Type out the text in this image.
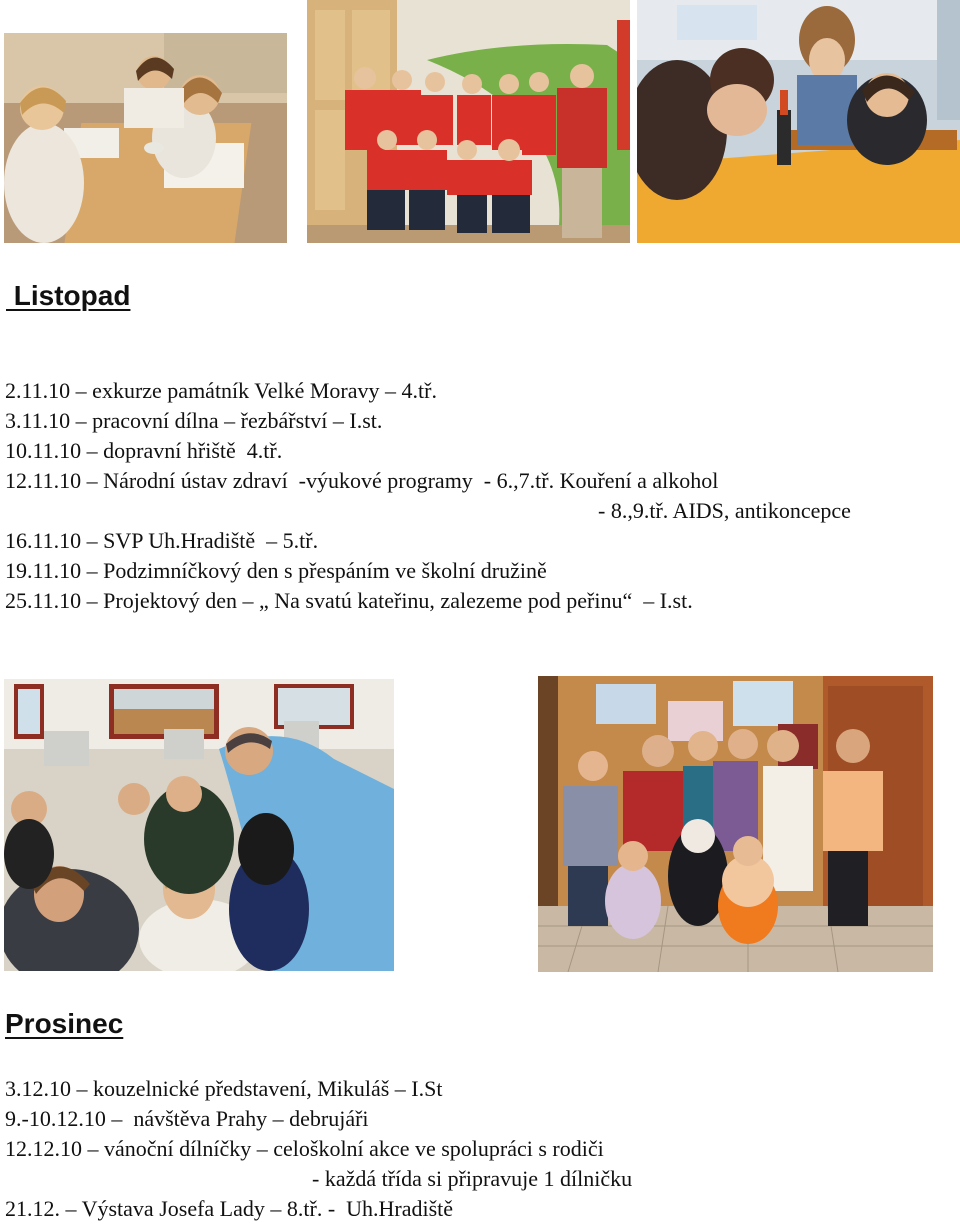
Listopad

2.11.10 – exkurze památník Velké Moravy – 4.tř.

3.11.10 – pracovní dílna – řezbářství – I.st.

10.11.10 – dopravní hřiště  4.tř.

12.11.10 – Národní ústav zdraví  -výukové programy  - 6.,7.tř. Kouření a alkohol

- 8.,9.tř. AIDS, antikoncepce

16.11.10 – SVP Uh.Hradiště  – 5.tř.

19.11.10 – Podzimníčkový den s přespáním ve školní družině

25.11.10 – Projektový den – „ Na svatú kateřinu, zalezeme pod peřinu“  – I.st.

Prosinec

3.12.10 – kouzelnické představení, Mikuláš – I.St

9.-10.12.10 –  návštěva Prahy – debrujáři

12.12.10 – vánoční dílníčky – celoškolní akce ve spolupráci s rodiči

- každá třída si připravuje 1 dílničku

21.12. – Výstava Josefa Lady – 8.tř. -  Uh.Hradiště
